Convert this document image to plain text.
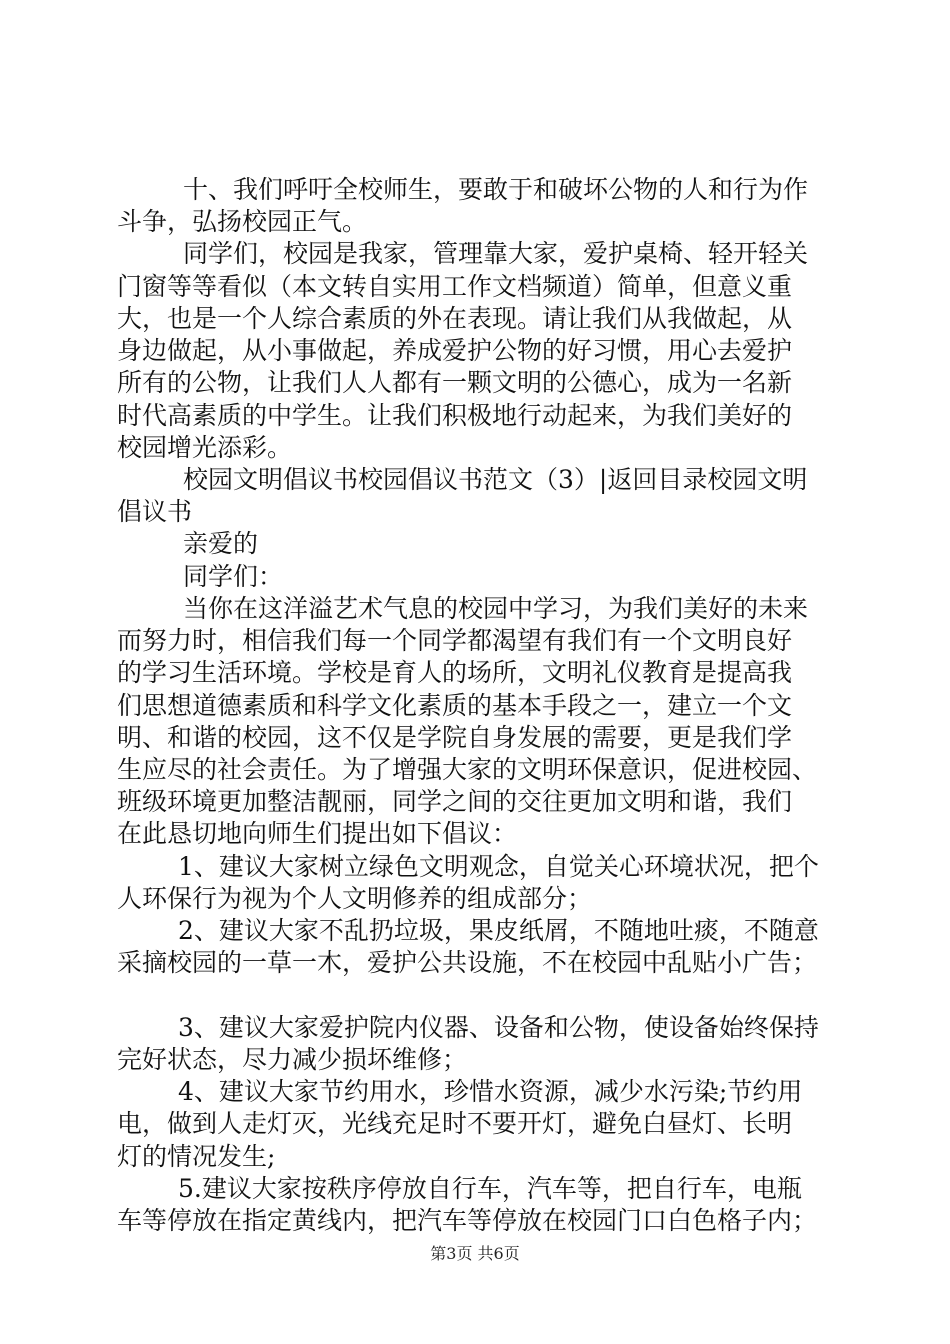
十、我们呼吁全校师生，要敢于和破坏公物的人和行为作
斗争，弘扬校园正气。
同学们，校园是我家，管理靠大家，爱护桌椅、轻开轻关
门窗等等看似（本文转自实用工作文档频道）简单，但意义重
大，也是一个人综合素质的外在表现。请让我们从我做起，从
身边做起，从小事做起，养成爱护公物的好习惯，用心去爱护
所有的公物，让我们人人都有一颗文明的公德心，成为一名新
时代高素质的中学生。让我们积极地行动起来，为我们美好的
校园增光添彩。
校园文明倡议书校园倡议书范文（3）|返回目录校园文明
倡议书
亲爱的
同学们：
当你在这洋溢艺术气息的校园中学习，为我们美好的未来
而努力时，相信我们每一个同学都渴望有我们有一个文明良好
的学习生活环境。学校是育人的场所，文明礼仪教育是提高我
们思想道德素质和科学文化素质的基本手段之一，建立一个文
明、和谐的校园，这不仅是学院自身发展的需要，更是我们学
生应尽的社会责任。为了增强大家的文明环保意识，促进校园、
班级环境更加整洁靓丽，同学之间的交往更加文明和谐，我们
在此恳切地向师生们提出如下倡议：
1、建议大家树立绿色文明观念，自觉关心环境状况，把个
人环保行为视为个人文明修养的组成部分；
2、建议大家不乱扔垃圾，果皮纸屑，不随地吐痰，不随意
采摘校园的一草一木，爱护公共设施，不在校园中乱贴小广告；
3、建议大家爱护院内仪器、设备和公物，使设备始终保持
完好状态，尽力减少损坏维修；
4、建议大家节约用水，珍惜水资源，减少水污染;节约用
电，做到人走灯灭，光线充足时不要开灯，避免白昼灯、长明
灯的情况发生;
5.建议大家按秩序停放自行车，汽车等，把自行车，电瓶
车等停放在指定黄线内，把汽车等停放在校园门口白色格子内；
第3页 共6页
